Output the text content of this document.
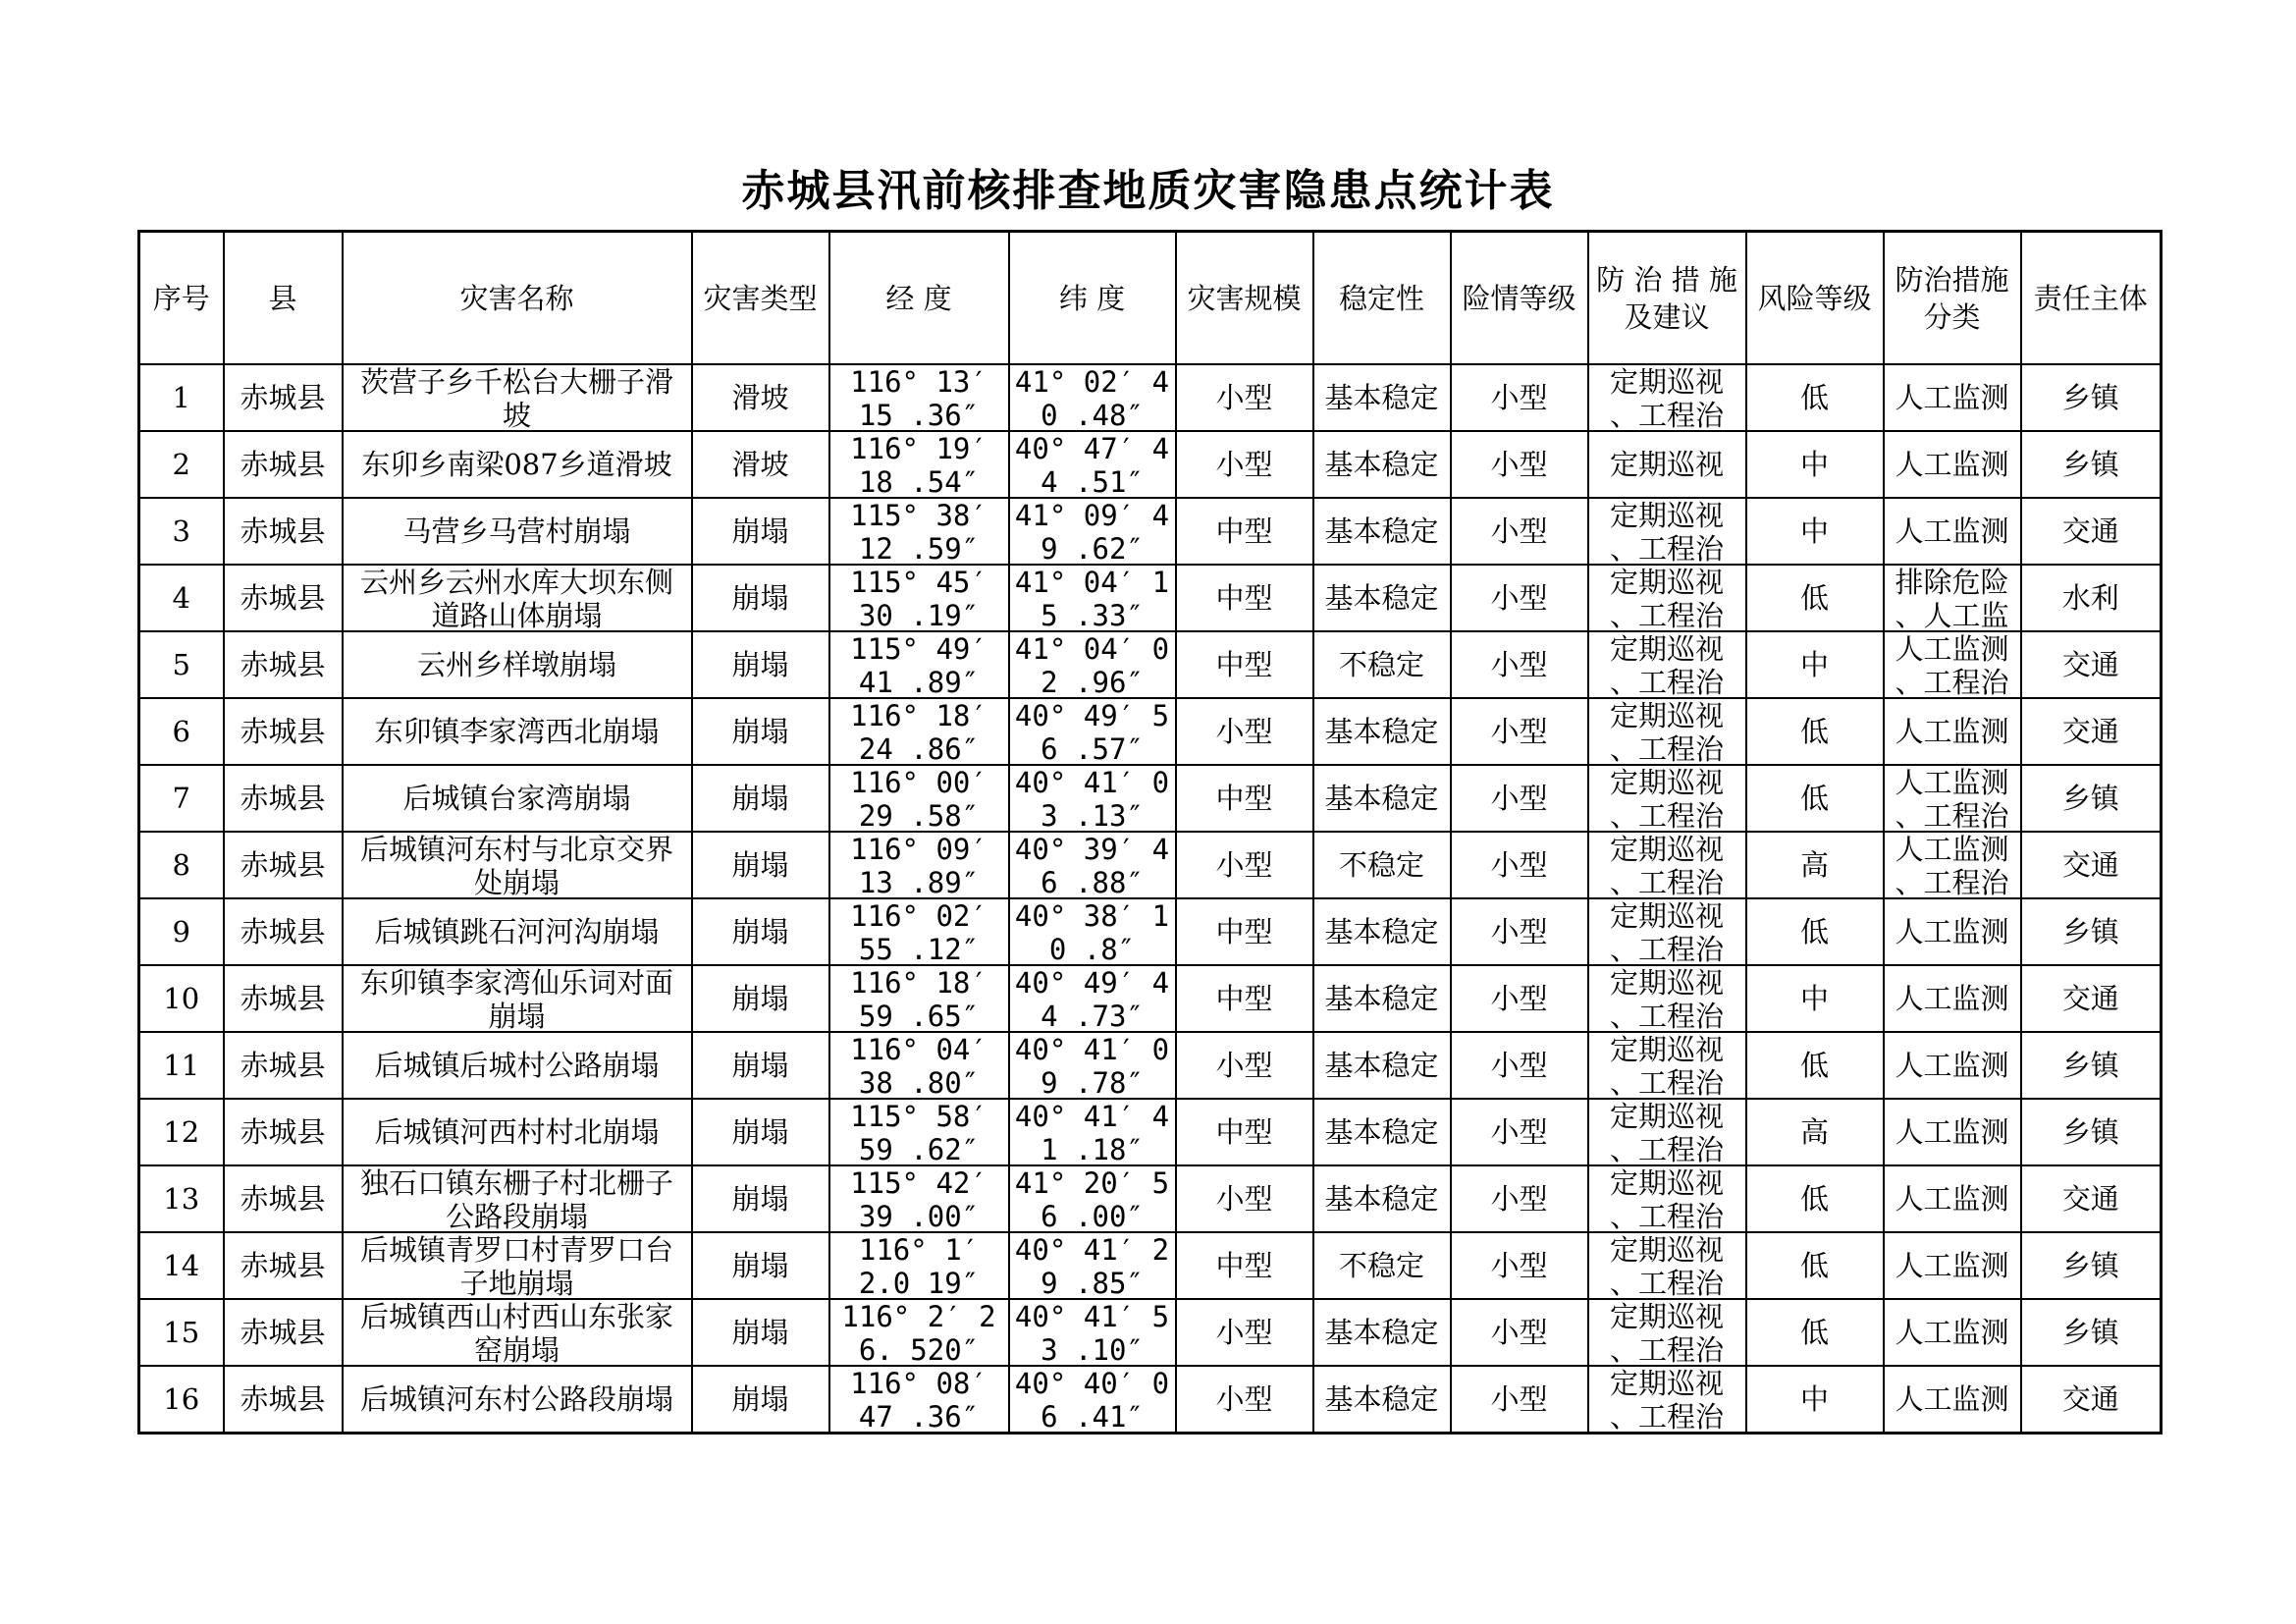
赤城县汛前核排查地质灾害隐患点统计表
序号	县	灾害名称	灾害类型	经 度	纬 度	灾害规模	稳定性	险情等级	防 治 措 施及建议	风险等级	防治措施分类	责任主体

1	赤城县	茨营子乡千松台大栅子滑坡	滑坡	116° 13′ 15 .36″	41° 02′ 40 .48″	小型	基本稳定	小型	定期巡视 、工程治	低	人工监测	乡镇

2	赤城县	东卯乡南梁087乡道滑坡	滑坡	116° 19′ 18 .54″	40° 47′ 44 .51″	小型	基本稳定	小型	定期巡视	中	人工监测	乡镇

3	赤城县	马营乡马营村崩塌	崩塌	115° 38′ 12 .59″	41° 09′ 49 .62″	中型	基本稳定	小型	定期巡视 、工程治	中	人工监测	交通

4	赤城县	云州乡云州水库大坝东侧道路山体崩塌	崩塌	115° 45′ 30 .19″	41° 04′ 15 .33″	中型	基本稳定	小型	定期巡视 、工程治	低	排除危险 、人工监	水利

5	赤城县	云州乡样墩崩塌	崩塌	115° 49′ 41 .89″	41° 04′ 02 .96″	中型	不稳定	小型	定期巡视 、工程治	中	人工监测 、工程治	交通

6	赤城县	东卯镇李家湾西北崩塌	崩塌	116° 18′ 24 .86″	40° 49′ 56 .57″	小型	基本稳定	小型	定期巡视 、工程治	低	人工监测	交通

7	赤城县	后城镇台家湾崩塌	崩塌	116° 00′ 29 .58″	40° 41′ 03 .13″	中型	基本稳定	小型	定期巡视 、工程治	低	人工监测 、工程治	乡镇

8	赤城县	后城镇河东村与北京交界处崩塌	崩塌	116° 09′ 13 .89″	40° 39′ 46 .88″	小型	不稳定	小型	定期巡视 、工程治	高	人工监测 、工程治	交通

9	赤城县	后城镇跳石河河沟崩塌	崩塌	116° 02′ 55 .12″	40° 38′ 10 .8″	中型	基本稳定	小型	定期巡视 、工程治	低	人工监测	乡镇

10	赤城县	东卯镇李家湾仙乐词对面崩塌	崩塌	116° 18′ 59 .65″	40° 49′ 44 .73″	中型	基本稳定	小型	定期巡视 、工程治	中	人工监测	交通

11	赤城县	后城镇后城村公路崩塌	崩塌	116° 04′ 38 .80″	40° 41′ 09 .78″	小型	基本稳定	小型	定期巡视 、工程治	低	人工监测	乡镇

12	赤城县	后城镇河西村村北崩塌	崩塌	115° 58′ 59 .62″	40° 41′ 41 .18″	中型	基本稳定	小型	定期巡视 、工程治	高	人工监测	乡镇

13	赤城县	独石口镇东栅子村北栅子公路段崩塌	崩塌	115° 42′ 39 .00″	41° 20′ 56 .00″	小型	基本稳定	小型	定期巡视 、工程治	低	人工监测	交通

14	赤城县	后城镇青罗口村青罗口台子地崩塌	崩塌	116° 1′ 2.0 19″	40° 41′ 29 .85″	中型	不稳定	小型	定期巡视 、工程治	低	人工监测	乡镇

15	赤城县	后城镇西山村西山东张家窑崩塌	崩塌	116° 2′ 26. 520″	40° 41′ 53 .10″	小型	基本稳定	小型	定期巡视 、工程治	低	人工监测	乡镇

16	赤城县	后城镇河东村公路段崩塌	崩塌	116° 08′ 47 .36″	40° 40′ 06 .41″	小型	基本稳定	小型	定期巡视 、工程治	中	人工监测	交通
